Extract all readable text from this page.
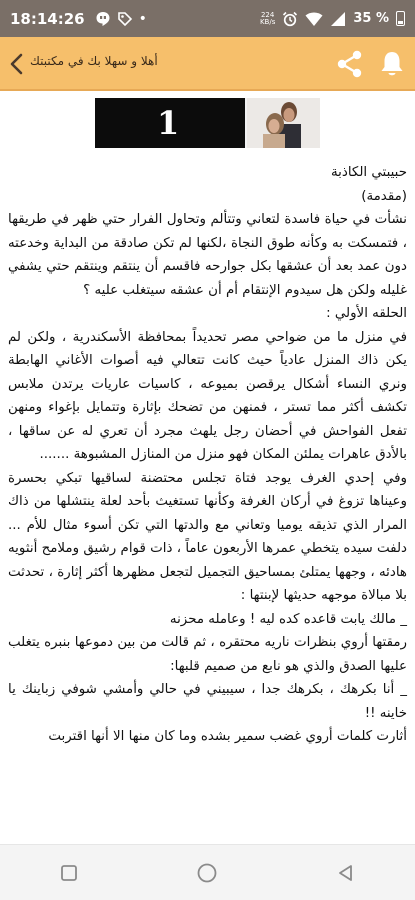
18:14:26	•	224
KB/s	35 %
أهلا و سهلا بك في مكتبتك
1

حبيبتي الكاذبة

(مقدمة)

نشأت في حياة فاسدة لتعاني وتتألم وتحاول الفرار حتي ظهر في طريقها ، فتمسكت به وكأنه طوق النجاة ،لكنها لم تكن صادقة من البداية وخدعته دون عمد بعد أن عشقها بكل جوارحه فاقسم أن ينتقم وينتقم حتي يشفي غليله ولكن هل سيدوم الإنتقام أم أن عشقه سيتغلب عليه ؟

الحلقه الأولي :

في منزل ما من ضواحي مصر تحديداً بمحافظة الأسكندرية ، ولكن لم يكن ذاك المنزل عادياً حيث كانت تتعالي فيه أصوات الأغاني الهابطة ونري النساء أشكال يرقصن بميوعه ، كاسيات عاريات يرتدن ملابس تكشف أكثر مما تستر ، فمنهن من تضحك بإثارة وتتمايل بإغواء ومنهن تفعل الفواحش في أحضان رجل يلهث مجرد أن تعري له عن ساقها ، بالأدق عاهرات يملئن المكان فهو منزل من المنازل المشبوهة .......

وفي إحدي الغرف يوجد فتاة تجلس محتضنة لساقيها تبكي بحسرة وعيناها تزوغ في أركان الغرفة وكأنها تستغيث بأحد لعلة ينتشلها من ذاك المرار الذي تذيقه يوميا وتعاني مع والدتها التي تكن أسوء مثال للأم ... دلفت سيده يتخطي عمرها الأربعون عاماً ، ذات قوام رشيق وملامح أنثويه هادئه ، وجهها يمتلئ بمساحيق التجميل لتجعل مظهرها أكثر إثارة ، تحدثت بلا مبالاة موجهه حديثها لإبنتها :

_ مالك يابت قاعده كده ليه ! وعامله محزنه

رمقتها أروي بنظرات ناريه محتقره ، ثم قالت من بين دموعها بنبره يتغلب عليها الصدق والذي هو نابع من صميم قلبها:

_ أنا بكرهك ، بكرهك جدا ، سيبيني في حالي وأمشي شوفي زباينك يا خاينه !!

أثارت كلمات أروي غضب سمير بشده وما كان منها الا أنها اقتربت
